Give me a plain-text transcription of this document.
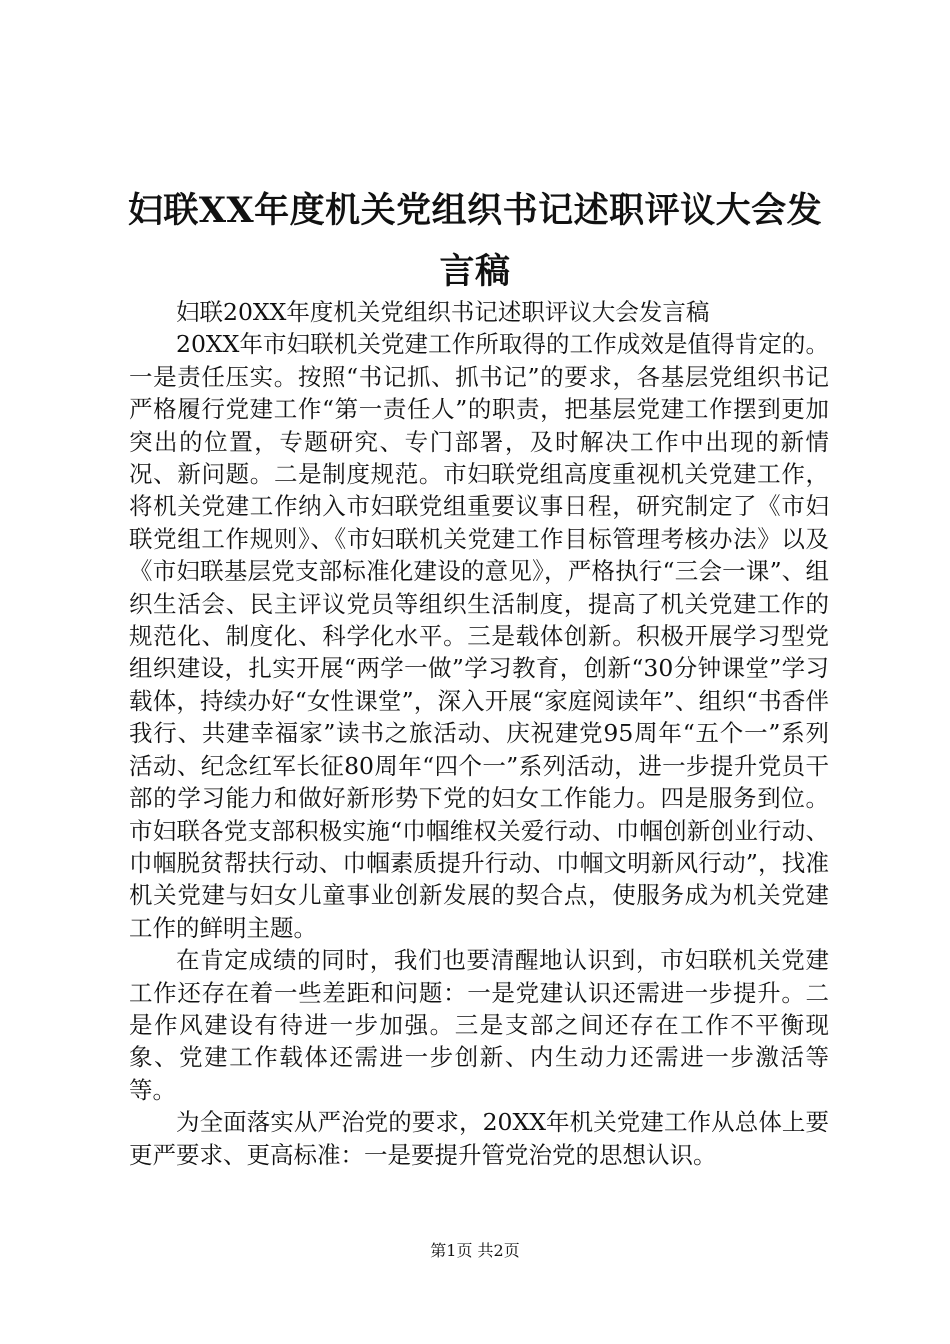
妇联XX年度机关党组织书记述职评议大会发言稿

妇联20XX年度机关党组织书记述职评议大会发言稿

20XX年市妇联机关党建工作所取得的工作成效是值得肯定的。一是责任压实。按照“书记抓、抓书记”的要求，各基层党组织书记严格履行党建工作“第一责任人”的职责，把基层党建工作摆到更加突出的位置，专题研究、专门部署，及时解决工作中出现的新情况、新问题。二是制度规范。市妇联党组高度重视机关党建工作，将机关党建工作纳入市妇联党组重要议事日程，研究制定了《市妇联党组工作规则》、《市妇联机关党建工作目标管理考核办法》以及《市妇联基层党支部标准化建设的意见》，严格执行“三会一课”、组织生活会、民主评议党员等组织生活制度，提高了机关党建工作的规范化、制度化、科学化水平。三是载体创新。积极开展学习型党组织建设，扎实开展“两学一做”学习教育，创新“30分钟课堂”学习载体，持续办好“女性课堂”，深入开展“家庭阅读年”、组织“书香伴我行、共建幸福家”读书之旅活动、庆祝建党95周年“五个一”系列活动、纪念红军长征80周年“四个一”系列活动，进一步提升党员干部的学习能力和做好新形势下党的妇女工作能力。四是服务到位。市妇联各党支部积极实施“巾帼维权关爱行动、巾帼创新创业行动、巾帼脱贫帮扶行动、巾帼素质提升行动、巾帼文明新风行动”，找准机关党建与妇女儿童事业创新发展的契合点，使服务成为机关党建工作的鲜明主题。

在肯定成绩的同时，我们也要清醒地认识到，市妇联机关党建工作还存在着一些差距和问题：一是党建认识还需进一步提升。二是作风建设有待进一步加强。三是支部之间还存在工作不平衡现象、党建工作载体还需进一步创新、内生动力还需进一步激活等等。

为全面落实从严治党的要求，20XX年机关党建工作从总体上要更严要求、更高标准：一是要提升管党治党的思想认识。

第1页 共2页
